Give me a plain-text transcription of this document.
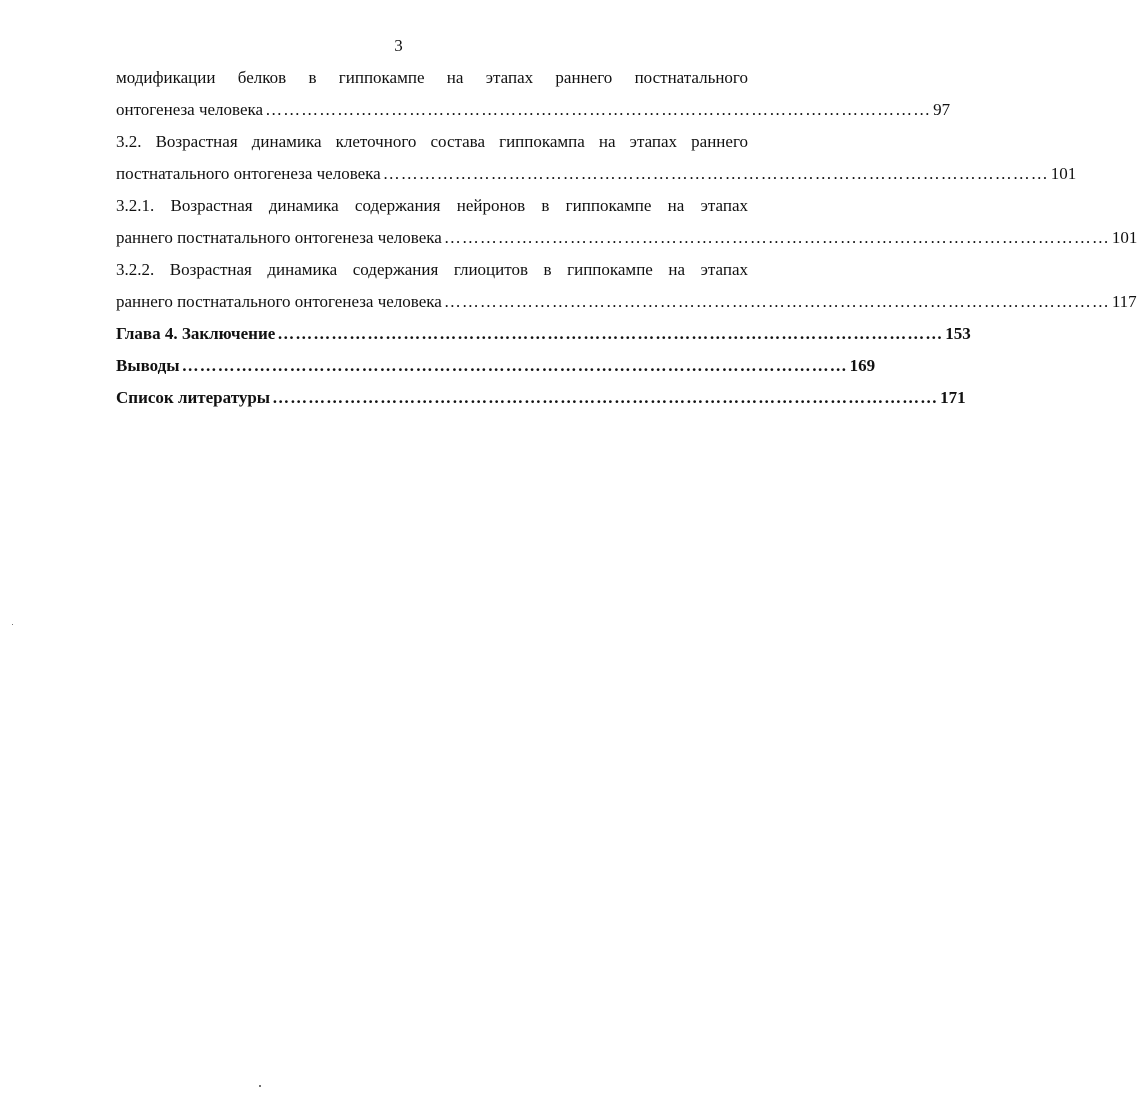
3
модификации белков в гиппокампе на этапах раннего постнатального
онтогенеза человека ………………………………………………………………………………………………… 97
3.2. Возрастная динамика клеточного состава гиппокампа на этапах раннего
постнатального онтогенеза человека ………………………………………………………………………………………………… 101
3.2.1. Возрастная динамика содержания нейронов в гиппокампе на этапах
раннего постнатального онтогенеза человека ………………………………………………………………………………………………… 101
3.2.2. Возрастная динамика содержания глиоцитов в гиппокампе на этапах
раннего постнатального онтогенеза человека ………………………………………………………………………………………………… 117
Глава 4. Заключение ………………………………………………………………………………………………… 153
Выводы ………………………………………………………………………………………………… 169
Список литературы ………………………………………………………………………………………………… 171
